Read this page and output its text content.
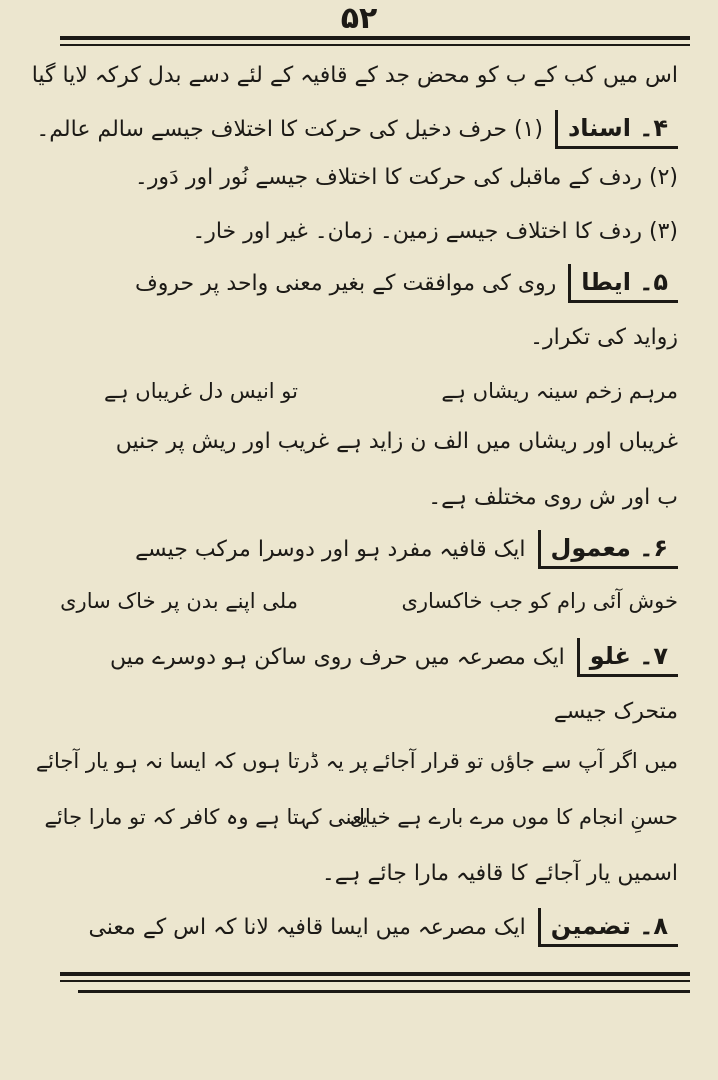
۵۲
اس میں کب کے ب کو محض جد کے قافیہ کے لئے دسے بدل کرکہ لایا گیا
۴۔ اسناد(۱) حرف دخیل کی حرکت کا اختلاف جیسے سالم عالم۔
(۲) ردف کے ماقبل کی حرکت کا اختلاف جیسے نُور اور دَور۔
(۳) ردف کا اختلاف جیسے زمین۔ زمان۔ غیر اور خار۔
۵۔ ایطاروی کی موافقت کے بغیر معنی واحد پر حروف
زواید کی تکرار۔
تو انیس دل غریباں ہے	مرہم زخم سینہ ریشاں ہے
غریباں اور ریشاں میں الف ن زاید ہے غریب اور ریش پر جنیں
ب اور ش روی مختلف ہے۔
۶۔ معمولایک قافیہ مفرد ہو اور دوسرا مرکب جیسے
خوش آئی رام کو جب خاکساری
ملی اپنے بدن پر خاک ساری
۷۔ غلوایک مصرعہ میں حرف روی ساکن ہو دوسرے میں
متحرک جیسے
میں اگر آپ سے جاؤں تو قرار آجائے
پر یہ ڈرتا ہوں کہ ایسا نہ ہو یار آجائے
حسنِ انجام کا موں مرے بارے ہے خیال
یعنی کہتا ہے وہ کافر کہ تو مارا جائے
اسمیں یار آجائے کا قافیہ مارا جائے ہے۔
۸۔ تضمینایک مصرعہ میں ایسا قافیہ لانا کہ اس کے معنی
